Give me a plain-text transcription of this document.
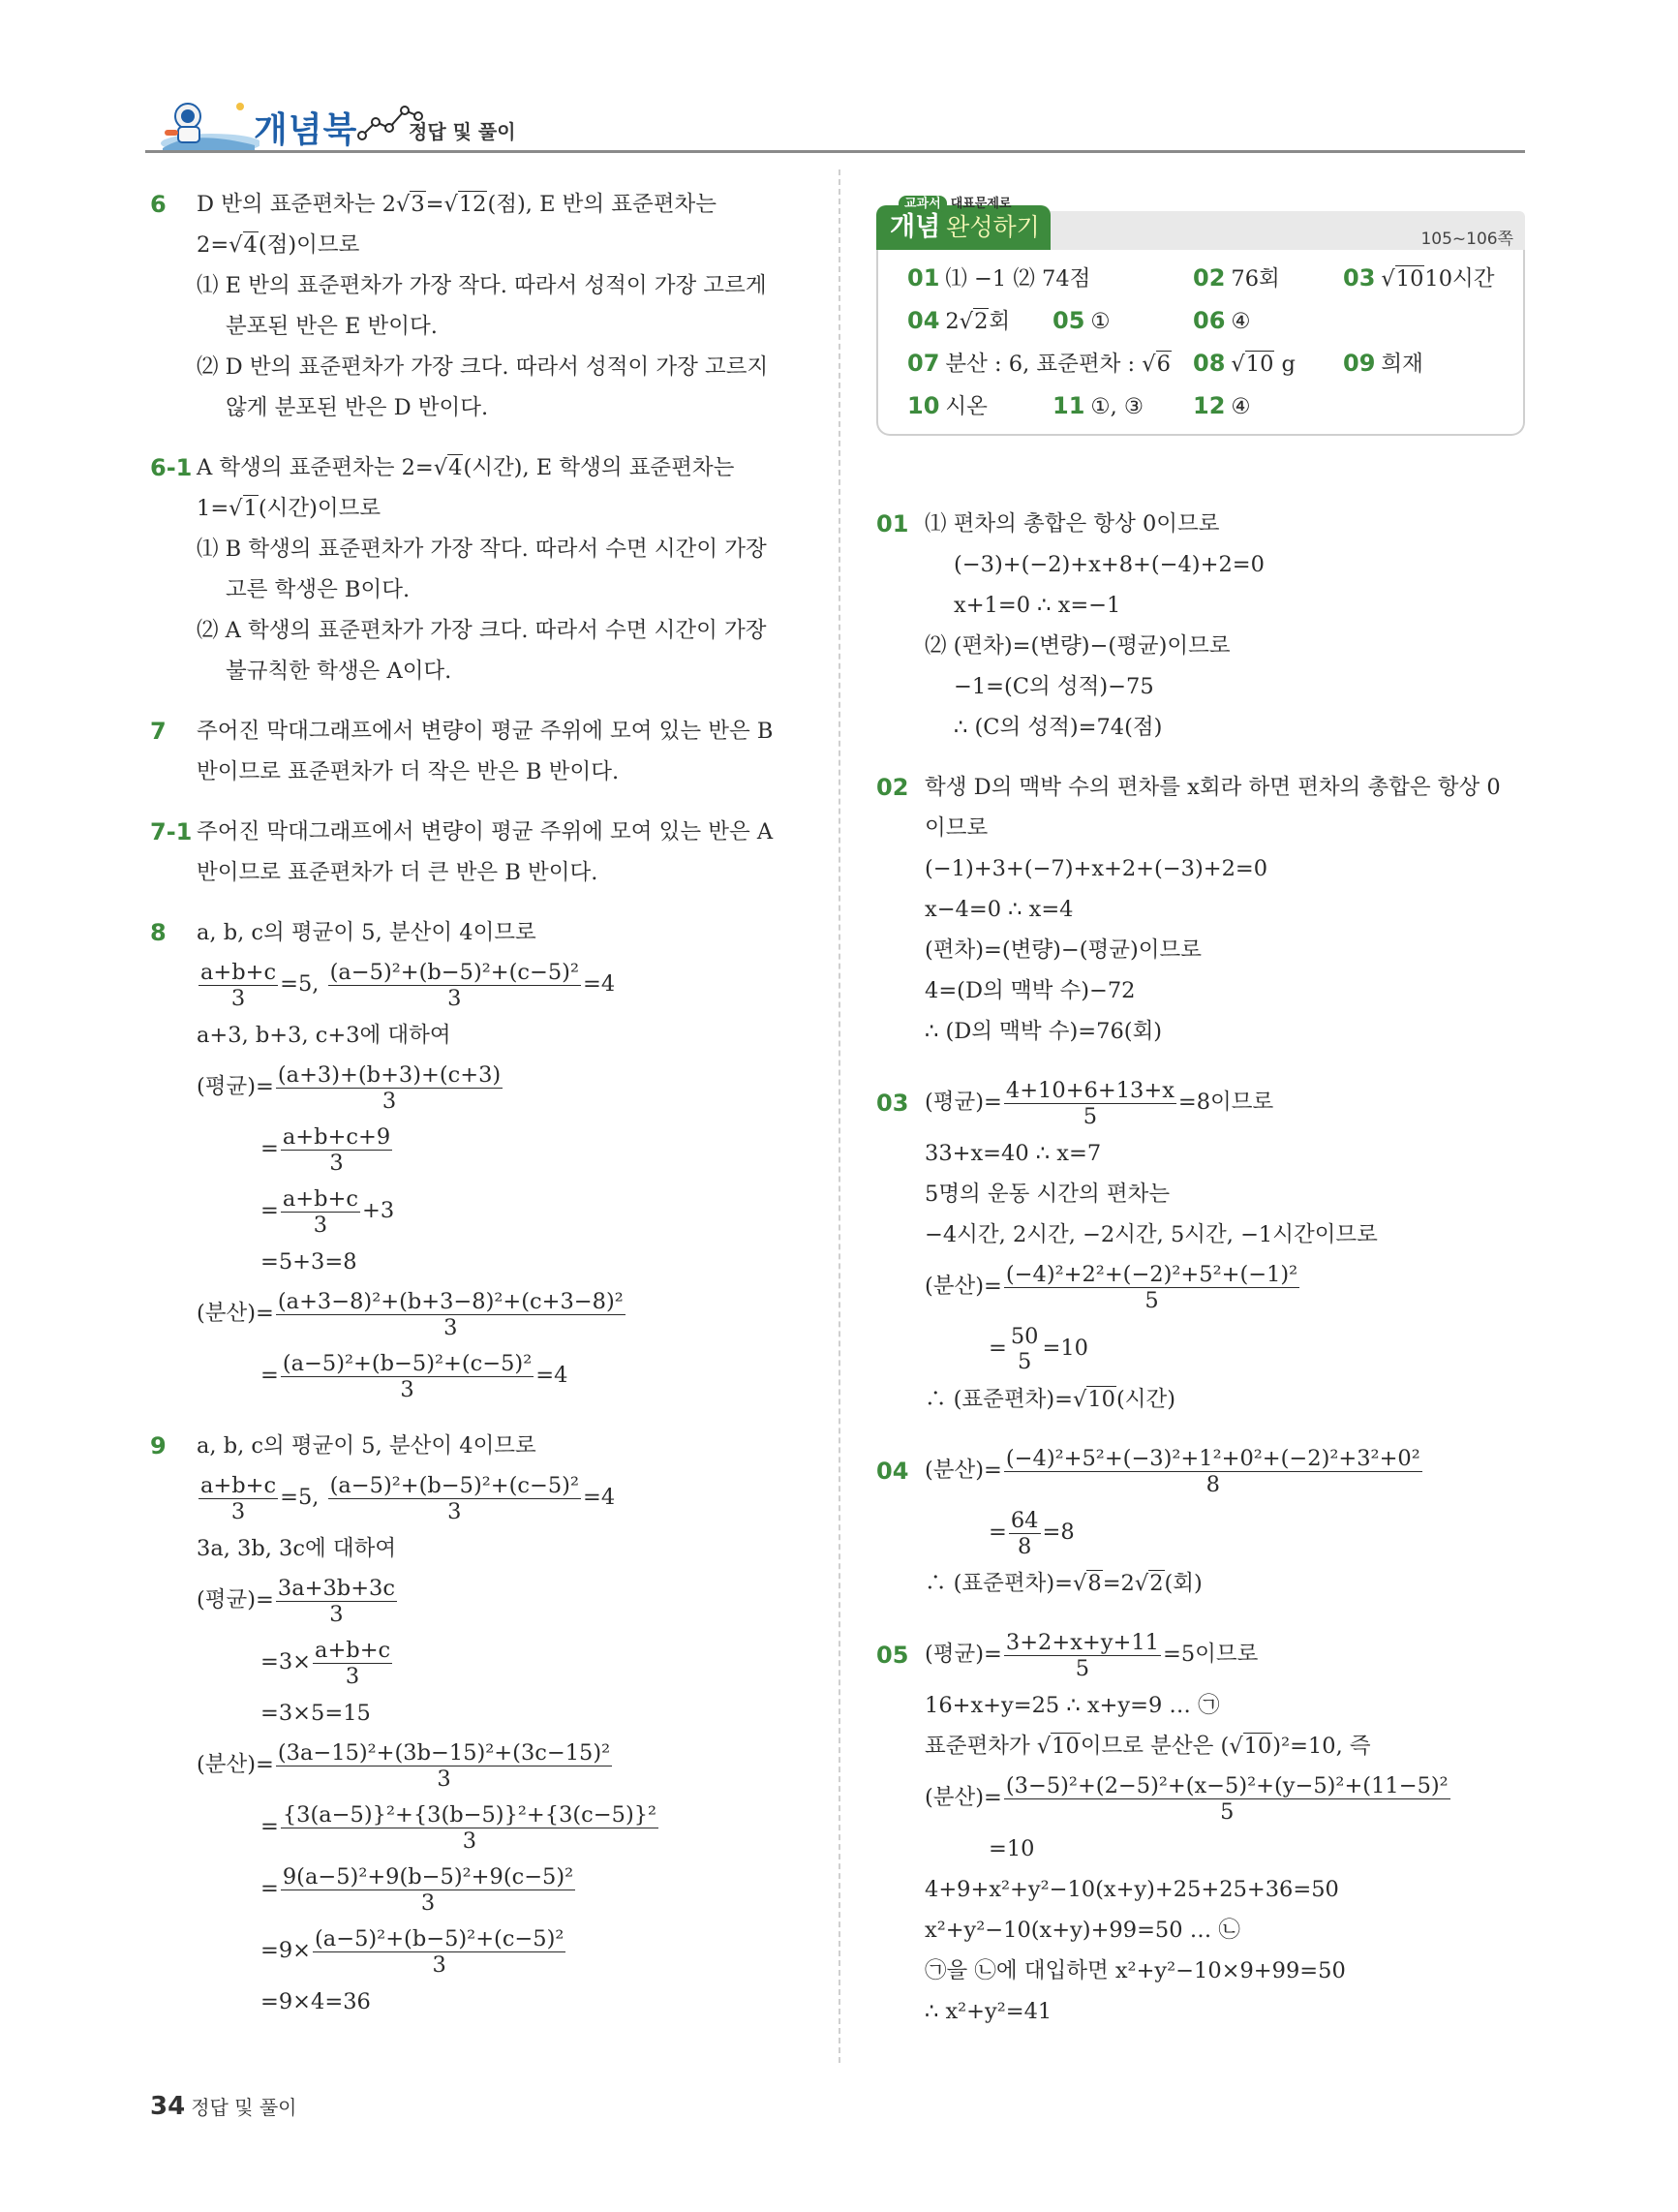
개념북	정답 및 풀이
6 D 반의 표준편차는 2√3=√12(점), E 반의 표준편차는
2=√4(점)이므로
⑴ E 반의 표준편차가 가장 작다. 따라서 성적이 가장 고르게
분포된 반은 E 반이다.
⑵ D 반의 표준편차가 가장 크다. 따라서 성적이 가장 고르지
않게 분포된 반은 D 반이다.
6-1 A 학생의 표준편차는 2=√4(시간), E 학생의 표준편차는
1=√1(시간)이므로
⑴ B 학생의 표준편차가 가장 작다. 따라서 수면 시간이 가장
고른 학생은 B이다.
⑵ A 학생의 표준편차가 가장 크다. 따라서 수면 시간이 가장
불규칙한 학생은 A이다.
7 주어진 막대그래프에서 변량이 평균 주위에 모여 있는 반은 B
반이므로 표준편차가 더 작은 반은 B 반이다.
7-1 주어진 막대그래프에서 변량이 평균 주위에 모여 있는 반은 A
반이므로 표준편차가 더 큰 반은 B 반이다.
8 a, b, c의 평균이 5, 분산이 4이므로
$\frac{a+b+c}{3} =5$, $\frac{\text{(a−5)²+(b−5)²+(c−5)²}}{3} =4$
a+3, b+3, c+3에 대하여
(평균)= $\frac{(a+3)+(b+3)+(c+3)}{3}$
= $\frac{a+b+c+9}{3}$
= $\frac{a+b+c}{3} +3$
=5+3=8
(분산)= $\frac{\text{(a+3−8)²+(b+3−8)²+(c+3−8)²}}{3}$
= $\frac{\text{(a−5)²+(b−5)²+(c−5)²}}{3} =4$
9 a, b, c의 평균이 5, 분산이 4이므로
$\frac{a+b+c}{3} =5$, $\frac{\text{(a−5)²+(b−5)²+(c−5)²}}{3} =4$
3a, 3b, 3c에 대하여
(평균)= $\frac{3a+3b+3c}{3}$
$=3\times \frac{a+b+c}{3}$
=3×5=15
(분산)= $\frac{\text{(3a−15)²+(3b−15)²+(3c−15)²}}{3}$
= $\frac{\text{\{3(a−5)\}²+\{3(b−5)\}²+\{3(c−5)\}²}}{3}$
= $\frac{\text{9(a−5)²+9(b−5)²+9(c−5)²}}{3}$
$=9\times \frac{\text{(a−5)²+(b−5)²+(c−5)²}}{3}$
=9×4=36
개념 완성하기
교과서 대표문제로
105~106쪽
01 ⑴ −1 ⑵ 74점	02 76회	03 √1010시간
04 2√2회 05 ①	06 ④
07 분산 : 6, 표준편차 : √6 08 √10 g 09 희재
10 시온	11 ①, ③ 12 ④
01 ⑴ 편차의 총합은 항상 0이므로
(−3)+(−2)+x+8+(−4)+2=0
x+1=0 ∴ x=−1
⑵ (편차)=(변량)−(평균)이므로
−1=(C의 성적)−75
∴ (C의 성적)=74(점)
02 학생 D의 맥박 수의 편차를 x회라 하면 편차의 총합은 항상 0
이므로
(−1)+3+(−7)+x+2+(−3)+2=0
x−4=0 ∴ x=4
(편차)=(변량)−(평균)이므로
4=(D의 맥박 수)−72
∴ (D의 맥박 수)=76(회)
03 (평균)= $\frac{4+10+6+13+x}{5} =8$이므로
33+x=40 ∴ x=7
5명의 운동 시간의 편차는
−4시간, 2시간, −2시간, 5시간, −1시간이므로
(분산)= $\frac{\text{(−4)²+2²+(−2)²+5²+(−1)²}}{5}$
= 50
5
=10
∴ (표준편차)=√10(시간)
04 (분산)= $\frac{\text{(−4)²+5²+(−3)²+1²+0²+(−2)²+3²+0²}}{8}$
= $\frac{64}{8} =8$
∴ (표준편차)=√8=2√2(회)
05 (평균)= $\frac{3+2+x+y+11}{5} =5$이므로
16+x+y=25 ∴ x+y=9 … ㉠
표준편차가 √10이므로 분산은 (√10)²=10, 즉
(분산)= $\frac{\text{(3−5)²+(2−5)²+(x−5)²+(y−5)²+(11−5)²}}{5}$
=10
4+9+x²+y²−10(x+y)+25+25+36=50
x²+y²−10(x+y)+99=50 … ㉡
㉠을 ㉡에 대입하면 x²+y²−10×9+99=50
∴ x²+y²=41
34 정답 및 풀이
